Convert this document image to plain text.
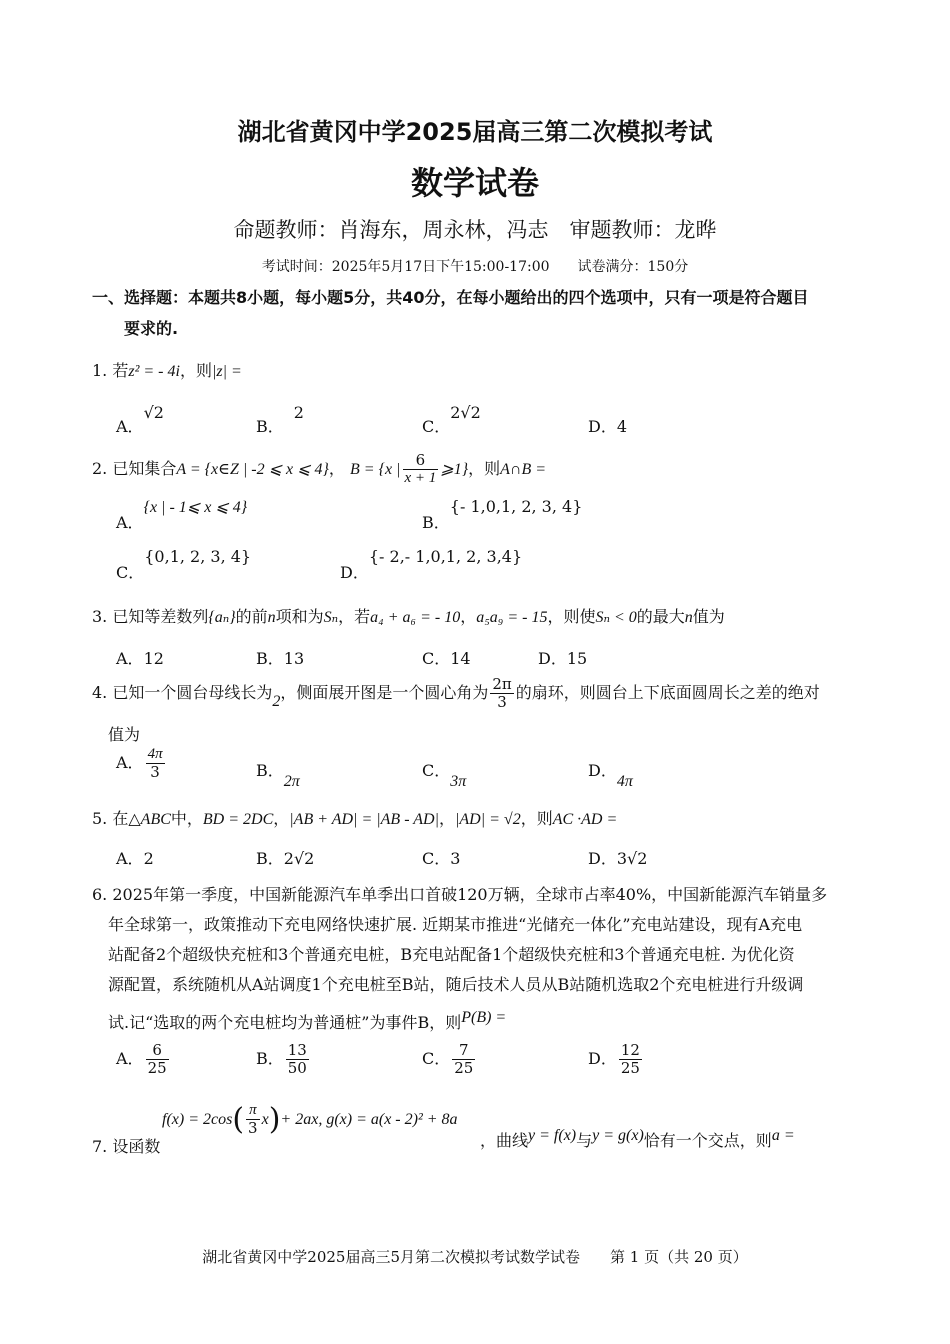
湖北省黄冈中学2025届高三第二次模拟考试
数学试卷
命题教师：肖海东，周永林，冯志　审题教师：龙晔
考试时间：2025年5月17日下午15:00-17:00　　试卷满分：150分
一、选择题：本题共8小题，每小题5分，共40分，在每小题给出的四个选项中，只有一项是符合题目
要求的.
1. 若z² = - 4i，则|z| =
A．√2
B．2
C．2√2
D．4
2. 已知集合A = {x∈Z | -2 ⩽ x ⩽ 4}， B = {x | $\frac{6}{x + 1}$ ⩾1}，则A∩B =
A．{x | - 1⩽ x ⩽ 4}
B．{- 1,0,1, 2, 3, 4}
C．{0,1, 2, 3, 4}
D．{- 2,- 1,0,1, 2, 3,4}
3. 已知等差数列{aₙ}的前n项和为Sₙ，若a₄ + a₆ = - 10，a₅a₉ = - 15，则使Sₙ < 0的最大n值为
A．12	B．13	C．14	D．15
4. 已知一个圆台母线长为2，侧面展开图是一个圆心角为 $\frac{2\pi}{3}$ 的扇环，则圆台上下底面圆周长之差的绝对
值为
A． $\frac{4\pi}{3}$	B．2π
C．3π
D．4π
5. 在△ABC中，BD = 2DC，|AB + AD| = |AB - AD|，|AD| = √2，则AC ·AD =
A．2	B．2√2	C．3	D．3√2
6. 2025年第一季度，中国新能源汽车单季出口首破120万辆，全球市占率40%，中国新能源汽车销量多
年全球第一，政策推动下充电网络快速扩展. 近期某市推进“光储充一体化”充电站建设，现有A充电
站配备2个超级快充桩和3个普通充电桩，B充电站配备1个超级快充桩和3个普通充电桩. 为优化资
源配置，系统随机从A站调度1个充电桩至B站，随后技术人员从B站随机选取2个充电桩进行升级调
试.记“选取的两个充电桩均为普通桩”为事件B，则P(B) =
A． $\frac{6}{25}$	B． $\frac{13}{50}$	C． $\frac{7}{25}$	D． $\frac{12}{25}$
7. 设函数
$f(x) = 2\cos( \frac{\pi}{3} x)+ 2ax$, g(x) = a(x - 2)² + 8a
，曲线y = f(x)与y = g(x)恰有一个交点，则a =
湖北省黄冈中学2025届高三5月第二次模拟考试数学试卷　　第 1 页（共 20 页）
